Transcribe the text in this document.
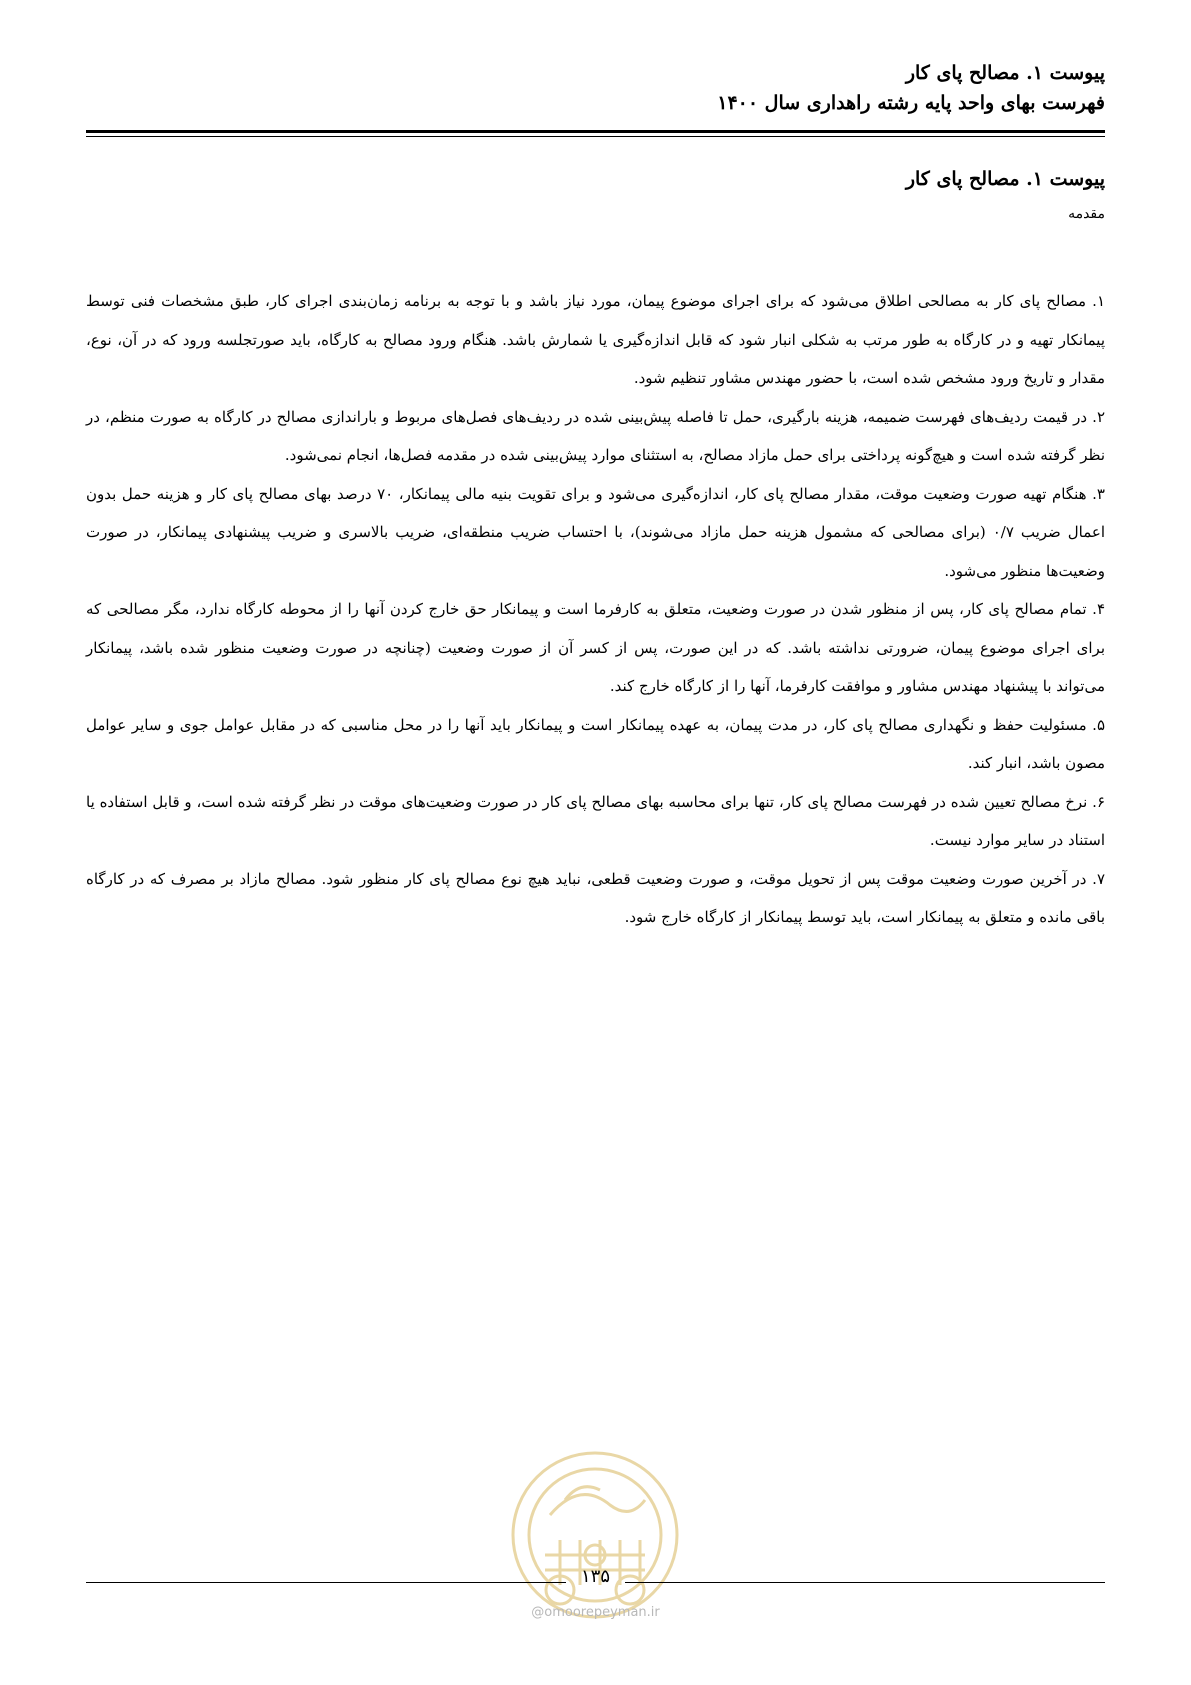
پیوست ۱. مصالح پای کار
فهرست بهای واحد پایه رشته راهداری سال ۱۴۰۰
پیوست ۱. مصالح پای کار
مقدمه

۱. مصالح پای کار به مصالحی اطلاق می‌شود که برای اجرای موضوع پیمان، مورد نیاز باشد و با توجه به برنامه زمان‌بندی اجرای کار، طبق مشخصات فنی توسط پیمانکار تهیه و در کارگاه به طور مرتب به شکلی انبار شود که قابل اندازه‌گیری یا شمارش باشد. هنگام ورود مصالح به کارگاه، باید صورتجلسه ورود که در آن، نوع، مقدار و تاریخ ورود مشخص شده است، با حضور مهندس مشاور تنظیم شود.

۲. در قیمت ردیف‌های فهرست ضمیمه، هزینه بارگیری، حمل تا فاصله پیش‌بینی شده در ردیف‌های فصل‌های مربوط و باراندازی مصالح در کارگاه به صورت منظم، در نظر گرفته شده است و هیچ‌گونه پرداختی برای حمل مازاد مصالح، به استثنای موارد پیش‌بینی شده در مقدمه فصل‌ها، انجام نمی‌شود.

۳. هنگام تهیه صورت وضعیت موقت، مقدار مصالح پای کار، اندازه‌گیری می‌شود و برای تقویت بنیه مالی پیمانکار، ۷۰ درصد بهای مصالح پای کار و هزینه حمل بدون اعمال ضریب ۰/۷ (برای مصالحی که مشمول هزینه حمل مازاد می‌شوند)، با احتساب ضریب منطقه‌ای، ضریب بالاسری و ضریب پیشنهادی پیمانکار، در صورت وضعیت‌ها منظور می‌شود.

۴. تمام مصالح پای کار، پس از منظور شدن در صورت وضعیت، متعلق به کارفرما است و پیمانکار حق خارج کردن آنها را از محوطه کارگاه ندارد، مگر مصالحی که برای اجرای موضوع پیمان، ضرورتی نداشته باشد. که در این صورت، پس از کسر آن از صورت وضعیت (چنانچه در صورت وضعیت منظور شده باشد، پیمانکار می‌تواند با پیشنهاد مهندس مشاور و موافقت کارفرما، آنها را از کارگاه خارج کند.

۵. مسئولیت حفظ و نگهداری مصالح پای کار، در مدت پیمان، به عهده پیمانکار است و پیمانکار باید آنها را در محل مناسبی که در مقابل عوامل جوی و سایر عوامل مصون باشد، انبار کند.

۶. نرخ مصالح تعیین شده در فهرست مصالح پای کار، تنها برای محاسبه بهای مصالح پای کار در صورت وضعیت‌های موقت در نظر گرفته شده است، و قابل استفاده یا استناد در سایر موارد نیست.

۷. در آخرین صورت وضعیت موقت پس از تحویل موقت، و صورت وضعیت قطعی، نباید هیچ نوع مصالح پای کار منظور شود. مصالح مازاد بر مصرف که در کارگاه باقی مانده و متعلق به پیمانکار است، باید توسط پیمانکار از کارگاه خارج شود.

۱۳۵
@omoorepeyman.ir
